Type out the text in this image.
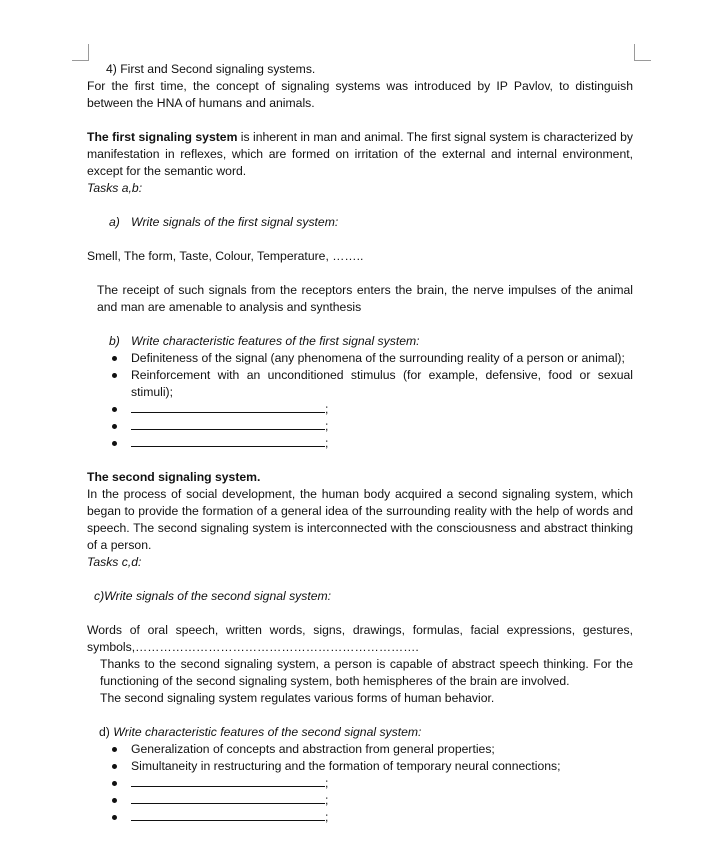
4) First and Second signaling systems.

For the first time, the concept of signaling systems was introduced by IP Pavlov, to distinguish between the HNA of humans and animals.

The first signaling system is inherent in man and animal. The first signal system is characterized by manifestation in reflexes, which are formed on irritation of the external and internal environment, except for the semantic word.

Tasks a,b:

a) Write signals of the first signal system:

Smell, The form, Taste, Colour, Temperature, ……..

The receipt of such signals from the receptors enters the brain, the nerve impulses of the animal and man are amenable to analysis and synthesis

b) Write characteristic features of the first signal system:

Definiteness of the signal (any phenomena of the surrounding reality of a person or animal);
Reinforcement with an unconditioned stimulus (for example, defensive, food or sexual stimuli);
;
;
;

The second signaling system.

In the process of social development, the human body acquired a second signaling system, which began to provide the formation of a general idea of the surrounding reality with the help of words and speech. The second signaling system is interconnected with the consciousness and abstract thinking of a person.

Tasks c,d:

c)Write signals of the second signal system:

Words of oral speech, written words, signs, drawings, formulas, facial expressions, gestures, symbols,…………………………………………………………….

Thanks to the second signaling system, a person is capable of abstract speech thinking. For the functioning of the second signaling system, both hemispheres of the brain are involved.

The second signaling system regulates various forms of human behavior.

d) Write characteristic features of the second signal system:

Generalization of concepts and abstraction from general properties;
Simultaneity in restructuring and the formation of temporary neural connections;
;
;
;
